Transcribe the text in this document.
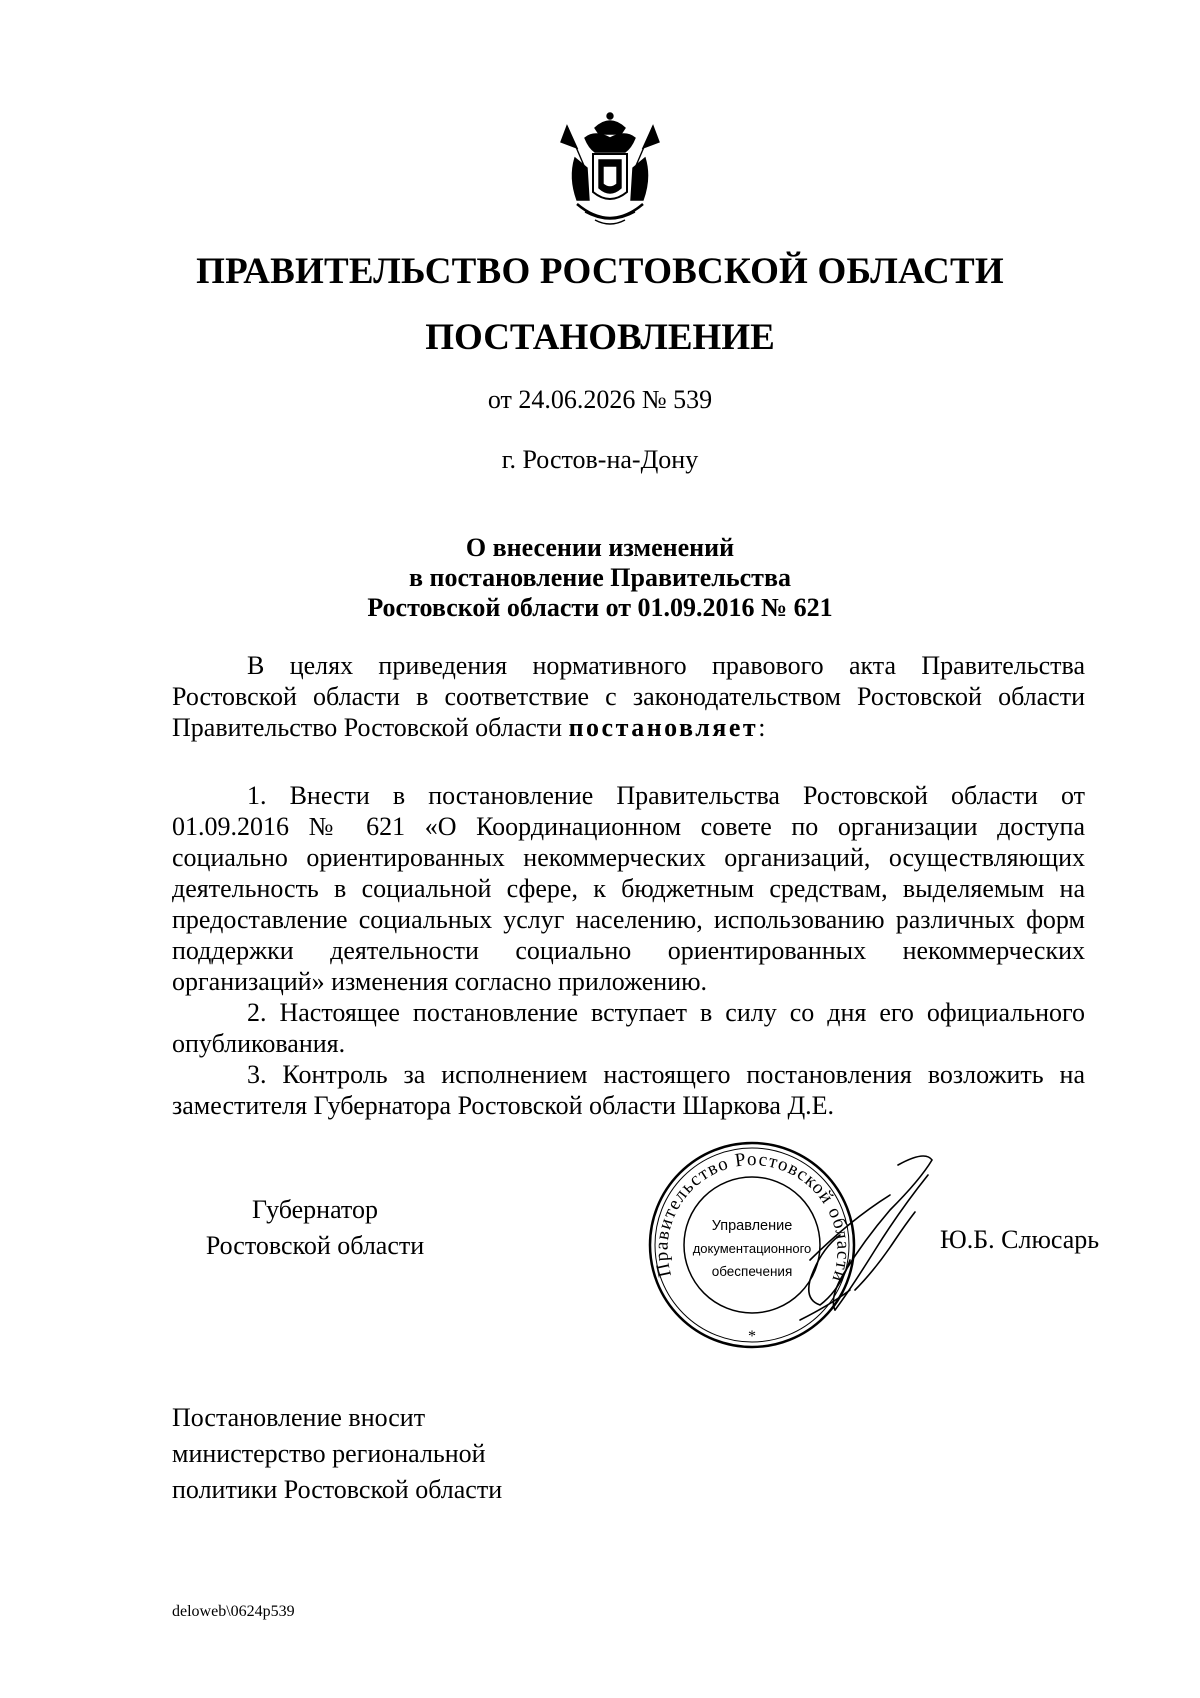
ПРАВИТЕЛЬСТВО РОСТОВСКОЙ ОБЛАСТИ
ПОСТАНОВЛЕНИЕ
от 24.06.2026 № 539
г. Ростов-на-Дону
О внесении изменений
в постановление Правительства
Ростовской области от 01.09.2016 № 621

В целях приведения нормативного правового акта Правительства Ростовской области в соответствие с законодательством Ростовской области Правительство Ростовской области постановляет:

1. Внести в постановление Правительства Ростовской области от 01.09.2016 № 621 «О Координационном совете по организации доступа социально ориентированных некоммерческих организаций, осуществляющих деятельность в социальной сфере, к бюджетным средствам, выделяемым на предоставление социальных услуг населению, использованию различных форм поддержки деятельности социально ориентированных некоммерческих организаций» изменения согласно приложению.

2. Настоящее постановление вступает в силу со дня его официального опубликования.

3. Контроль за исполнением настоящего постановления возложить на заместителя Губернатора Ростовской области Шаркова Д.Е.

Губернатор
Ростовской области
Правительство Ростовской области
Управление
документационного
обеспечения
*
Ю.Б. Слюсарь
Постановление вносит
министерство региональной
политики Ростовской области
deloweb\0624p539
